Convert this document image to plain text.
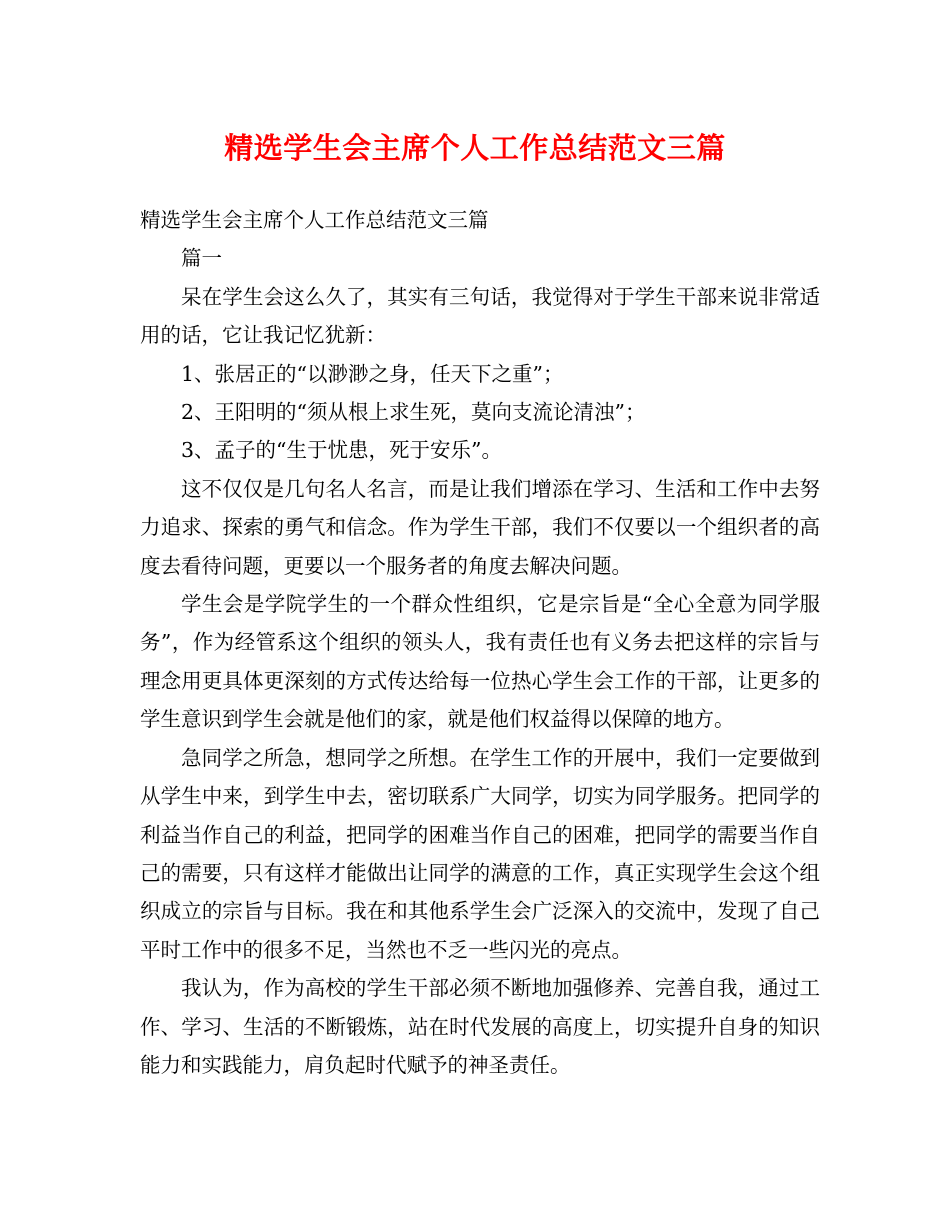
精选学生会主席个人工作总结范文三篇

精选学生会主席个人工作总结范文三篇

篇一

呆在学生会这么久了，其实有三句话，我觉得对于学生干部来说非常适用的话，它让我记忆犹新：

1、张居正的“以渺渺之身，任天下之重”；

2、王阳明的“须从根上求生死，莫向支流论清浊”；

3、孟子的“生于忧患，死于安乐”。

这不仅仅是几句名人名言，而是让我们增添在学习、生活和工作中去努力追求、探索的勇气和信念。作为学生干部，我们不仅要以一个组织者的高度去看待问题，更要以一个服务者的角度去解决问题。

学生会是学院学生的一个群众性组织，它是宗旨是“全心全意为同学服务”，作为经管系这个组织的领头人，我有责任也有义务去把这样的宗旨与理念用更具体更深刻的方式传达给每一位热心学生会工作的干部，让更多的学生意识到学生会就是他们的家，就是他们权益得以保障的地方。

急同学之所急，想同学之所想。在学生工作的开展中，我们一定要做到从学生中来，到学生中去，密切联系广大同学，切实为同学服务。把同学的利益当作自己的利益，把同学的困难当作自己的困难，把同学的需要当作自己的需要，只有这样才能做出让同学的满意的工作，真正实现学生会这个组织成立的宗旨与目标。我在和其他系学生会广泛深入的交流中，发现了自己平时工作中的很多不足，当然也不乏一些闪光的亮点。

我认为，作为高校的学生干部必须不断地加强修养、完善自我，通过工作、学习、生活的不断锻炼，站在时代发展的高度上，切实提升自身的知识能力和实践能力，肩负起时代赋予的神圣责任。
